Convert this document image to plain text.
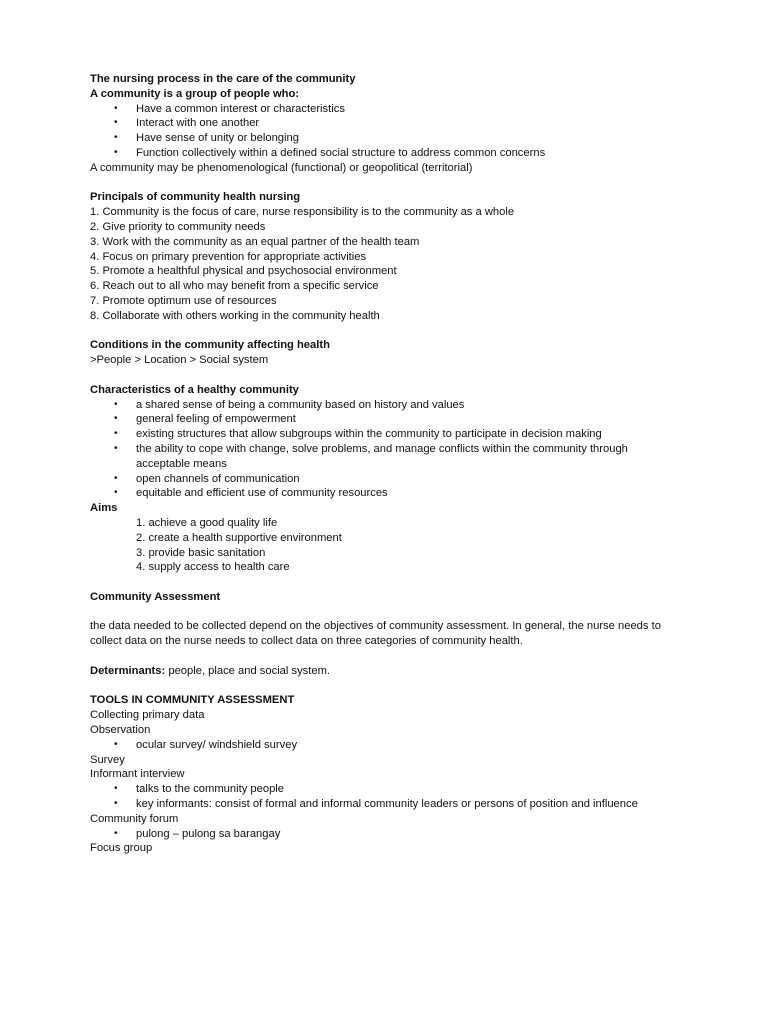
The nursing process in the care of the community
A community is a group of people who:
• Have a common interest or characteristics
• Interact with one another
• Have sense of unity or belonging
• Function collectively within a defined social structure to address common concerns
A community may be phenomenological (functional) or geopolitical (territorial)
Principals of community health nursing
1. Community is the focus of care, nurse responsibility is to the community as a whole
2. Give priority to community needs
3. Work with the community as an equal partner of the health team
4. Focus on primary prevention for appropriate activities
5. Promote a healthful physical and psychosocial environment
6. Reach out to all who may benefit from a specific service
7. Promote optimum use of resources
8. Collaborate with others working in the community health
Conditions in the community affecting health
>People > Location > Social system
Characteristics of a healthy community
• a shared sense of being a community based on history and values
• general feeling of empowerment
• existing structures that allow subgroups within the community to participate in decision making
• the ability to cope with change, solve problems, and manage conflicts within the community through acceptable means
• open channels of communication
• equitable and efficient use of community resources
Aims
1. achieve a good quality life
2. create a health supportive environment
3. provide basic sanitation
4. supply access to health care
Community Assessment
the data needed to be collected depend on the objectives of community assessment. In general, the nurse needs to collect data on the nurse needs to collect data on three categories of community health.
Determinants: people, place and social system.
TOOLS IN COMMUNITY ASSESSMENT
Collecting primary data
Observation
• ocular survey/ windshield survey
Survey
Informant interview
• talks to the community people
• key informants: consist of formal and informal community leaders or persons of position and influence
Community forum
• pulong – pulong sa barangay
Focus group
